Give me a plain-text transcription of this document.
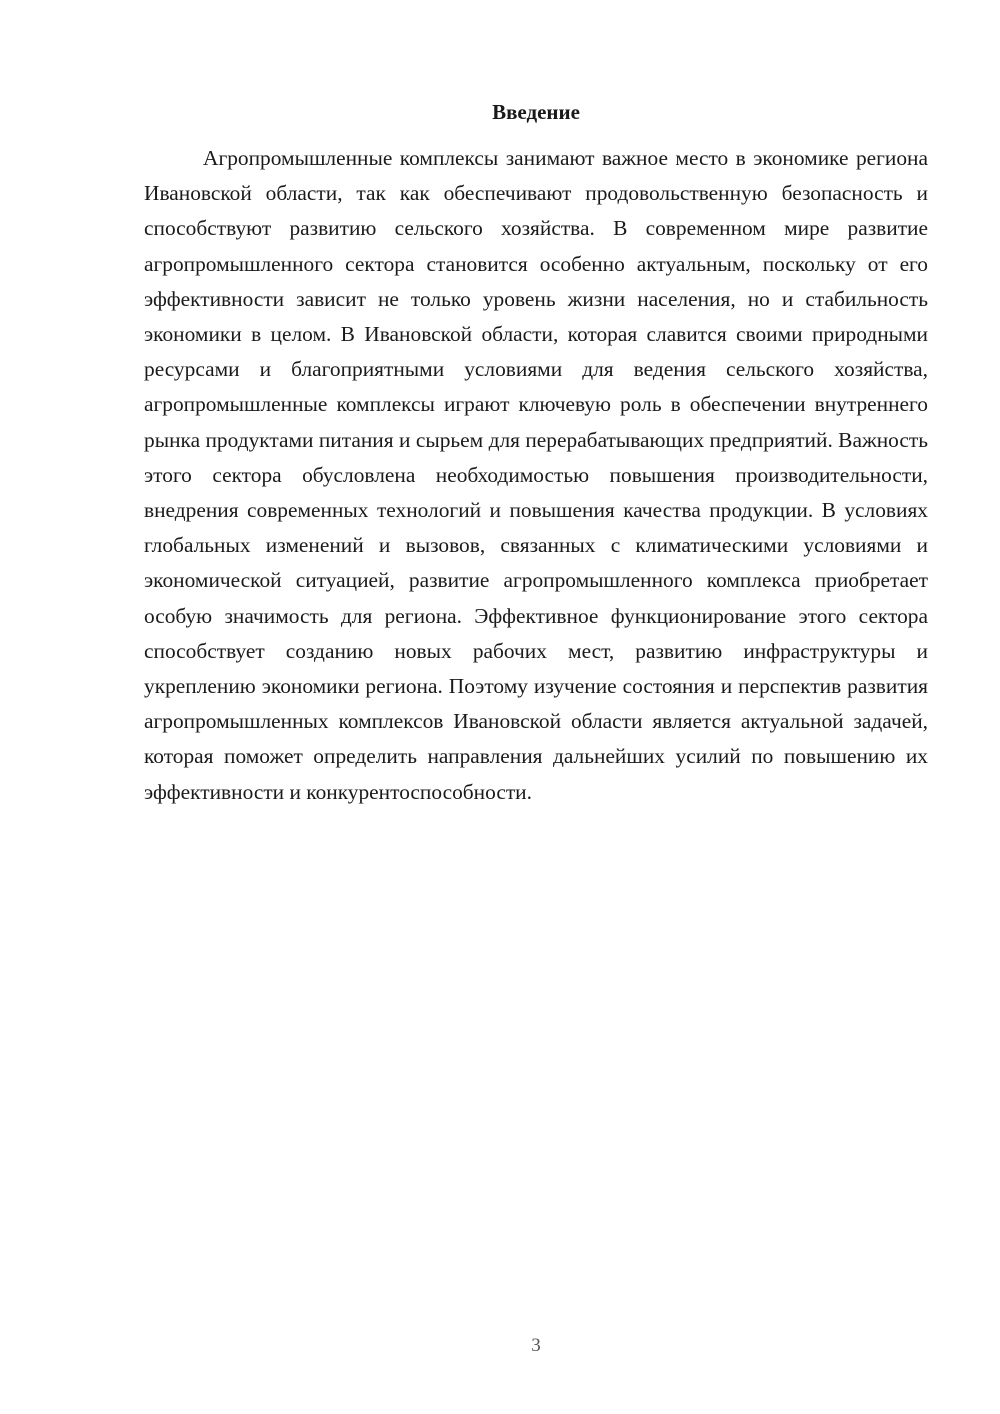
Введение

Агропромышленные комплексы занимают важное место в экономике региона Ивановской области, так как обеспечивают продовольственную безопасность и способствуют развитию сельского хозяйства. В современном мире развитие агропромышленного сектора становится особенно актуальным, поскольку от его эффективности зависит не только уровень жизни населения, но и стабильность экономики в целом. В Ивановской области, которая славится своими природными ресурсами и благоприятными условиями для ведения сельского хозяйства, агропромышленные комплексы играют ключевую роль в обеспечении внутреннего рынка продуктами питания и сырьем для перерабатывающих предприятий. Важность этого сектора обусловлена необходимостью повышения производительности, внедрения современных технологий и повышения качества продукции. В условиях глобальных изменений и вызовов, связанных с климатическими условиями и экономической ситуацией, развитие агропромышленного комплекса приобретает особую значимость для региона. Эффективное функционирование этого сектора способствует созданию новых рабочих мест, развитию инфраструктуры и укреплению экономики региона. Поэтому изучение состояния и перспектив развития агропромышленных комплексов Ивановской области является актуальной задачей, которая поможет определить направления дальнейших усилий по повышению их эффективности и конкурентоспособности.

3
